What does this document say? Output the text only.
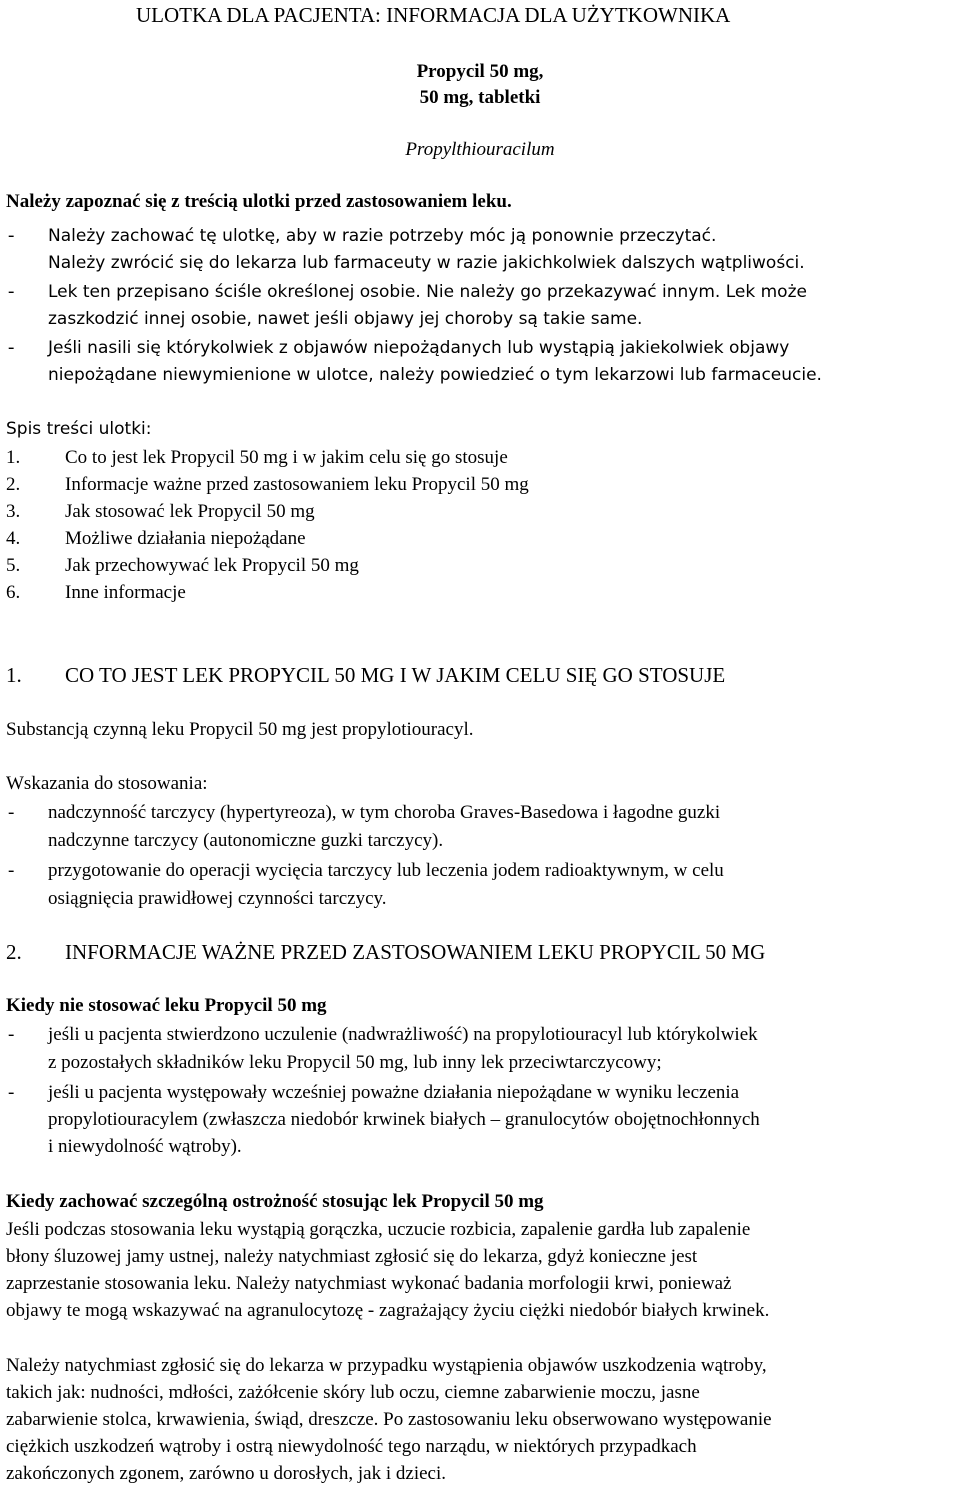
ULOTKA DLA PACJENTA: INFORMACJA DLA UŻYTKOWNIKA
Propycil 50 mg,
50 mg, tabletki
Propylthiouracilum
Należy zapoznać się z treścią ulotki przed zastosowaniem leku.
- Należy zachować tę ulotkę, aby w razie potrzeby móc ją ponownie przeczytać.
Należy zwrócić się do lekarza lub farmaceuty w razie jakichkolwiek dalszych wątpliwości.
- Lek ten przepisano ściśle określonej osobie. Nie należy go przekazywać innym. Lek może
zaszkodzić innej osobie, nawet jeśli objawy jej choroby są takie same.
- Jeśli nasili się którykolwiek z objawów niepożądanych lub wystąpią jakiekolwiek objawy
niepożądane niewymienione w ulotce, należy powiedzieć o tym lekarzowi lub farmaceucie.
Spis treści ulotki:
1. Co to jest lek Propycil 50 mg i w jakim celu się go stosuje
2. Informacje ważne przed zastosowaniem leku Propycil 50 mg
3. Jak stosować lek Propycil 50 mg
4. Możliwe działania niepożądane
5. Jak przechowywać lek Propycil 50 mg
6. Inne informacje
1. CO TO JEST LEK PROPYCIL 50 MG I W JAKIM CELU SIĘ GO STOSUJE
Substancją czynną leku Propycil 50 mg jest propylotiouracyl.
Wskazania do stosowania:
- nadczynność tarczycy (hypertyreoza), w tym choroba Graves-Basedowa i łagodne guzki
nadczynne tarczycy (autonomiczne guzki tarczycy).
- przygotowanie do operacji wycięcia tarczycy lub leczenia jodem radioaktywnym, w celu
osiągnięcia prawidłowej czynności tarczycy.
2. INFORMACJE WAŻNE PRZED ZASTOSOWANIEM LEKU PROPYCIL 50 MG
Kiedy nie stosować leku Propycil 50 mg
- jeśli u pacjenta stwierdzono uczulenie (nadwrażliwość) na propylotiouracyl lub którykolwiek
z pozostałych składników leku Propycil 50 mg, lub inny lek przeciwtarczycowy;
- jeśli u pacjenta występowały wcześniej poważne działania niepożądane w wyniku leczenia
propylotiouracylem (zwłaszcza niedobór krwinek białych – granulocytów obojętnochłonnych
i niewydolność wątroby).
Kiedy zachować szczególną ostrożność stosując lek Propycil 50 mg
Jeśli podczas stosowania leku wystąpią gorączka, uczucie rozbicia, zapalenie gardła lub zapalenie
błony śluzowej jamy ustnej, należy natychmiast zgłosić się do lekarza, gdyż konieczne jest
zaprzestanie stosowania leku. Należy natychmiast wykonać badania morfologii krwi, ponieważ
objawy te mogą wskazywać na agranulocytozę - zagrażający życiu ciężki niedobór białych krwinek.
Należy natychmiast zgłosić się do lekarza w przypadku wystąpienia objawów uszkodzenia wątroby,
takich jak: nudności, mdłości, zażółcenie skóry lub oczu, ciemne zabarwienie moczu, jasne
zabarwienie stolca, krwawienia, świąd, dreszcze. Po zastosowaniu leku obserwowano występowanie
ciężkich uszkodzeń wątroby i ostrą niewydolność tego narządu, w niektórych przypadkach
zakończonych zgonem, zarówno u dorosłych, jak i dzieci.
